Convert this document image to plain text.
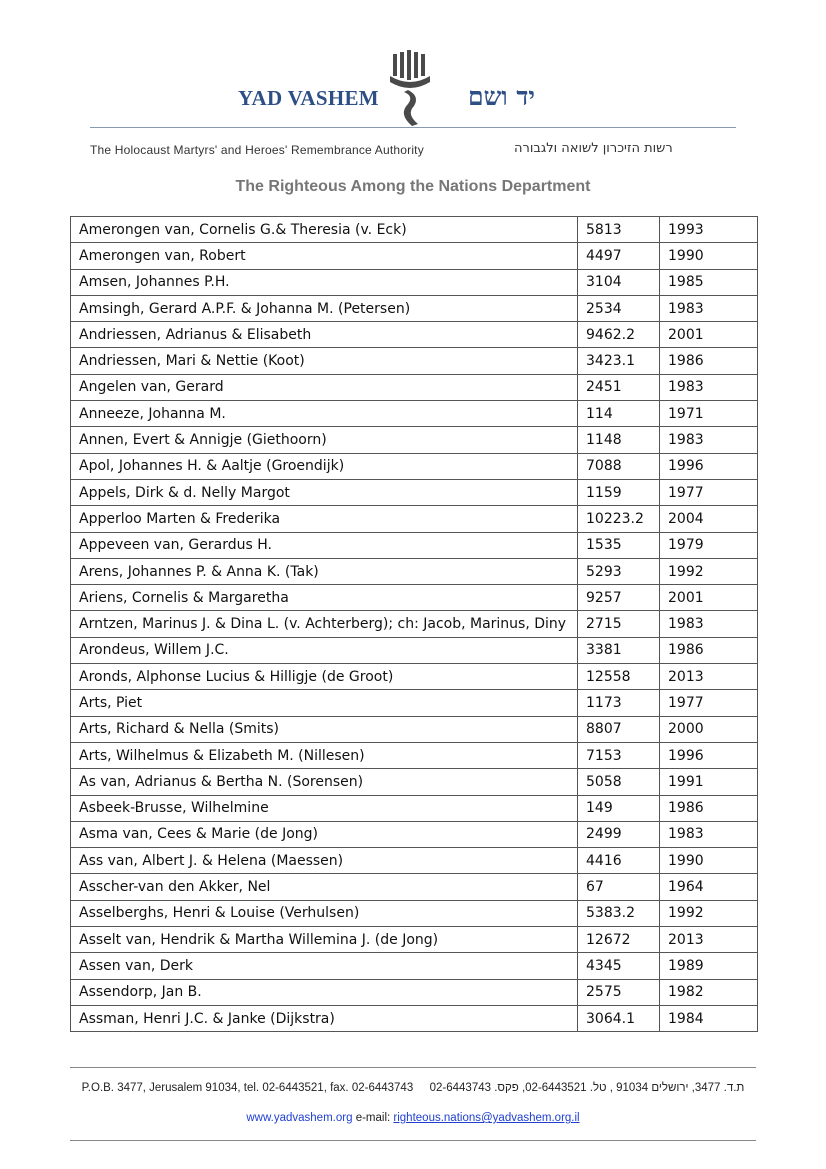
YAD VASHEM	יד ושם
The Holocaust Martyrs' and Heroes' Remembrance Authority	רשות הזיכרון לשואה ולגבורה
The Righteous Among the Nations Department
Amerongen van, Cornelis G.& Theresia (v. Eck)	5813	1993
Amerongen van, Robert	4497	1990
Amsen, Johannes P.H.	3104	1985
Amsingh, Gerard A.P.F. & Johanna M. (Petersen)	2534	1983
Andriessen, Adrianus & Elisabeth	9462.2	2001
Andriessen, Mari & Nettie (Koot)	3423.1	1986
Angelen van, Gerard	2451	1983
Anneeze, Johanna M.	114	1971
Annen, Evert & Annigje (Giethoorn)	1148	1983
Apol, Johannes H. & Aaltje (Groendijk)	7088	1996
Appels, Dirk & d. Nelly Margot	1159	1977
Apperloo Marten & Frederika	10223.2	2004
Appeveen van, Gerardus H.	1535	1979
Arens, Johannes P. & Anna K. (Tak)	5293	1992
Ariens, Cornelis & Margaretha	9257	2001
Arntzen, Marinus J. & Dina L. (v. Achterberg); ch: Jacob, Marinus, Diny	2715	1983
Arondeus, Willem J.C.	3381	1986
Aronds, Alphonse Lucius & Hilligje (de Groot)	12558	2013
Arts, Piet	1173	1977
Arts, Richard & Nella (Smits)	8807	2000
Arts, Wilhelmus & Elizabeth M. (Nillesen)	7153	1996
As van, Adrianus & Bertha N. (Sorensen)	5058	1991
Asbeek-Brusse, Wilhelmine	149	1986
Asma van, Cees & Marie (de Jong)	2499	1983
Ass van, Albert J. & Helena (Maessen)	4416	1990
Asscher-van den Akker, Nel	67	1964
Asselberghs, Henri & Louise (Verhulsen)	5383.2	1992
Asselt van, Hendrik & Martha Willemina J. (de Jong)	12672	2013
Assen van, Derk	4345	1989
Assendorp, Jan B.	2575	1982
Assman, Henri J.C. & Janke (Dijkstra)	3064.1	1984
P.O.B. 3477, Jerusalem 91034, tel. 02-6443521, fax. 02-6443743 ת.ד. 3477, ירושלים 91034 , טל. 02-6443521, פקס. 02-6443743
www.yadvashem.org e-mail: righteous.nations@yadvashem.org.il
